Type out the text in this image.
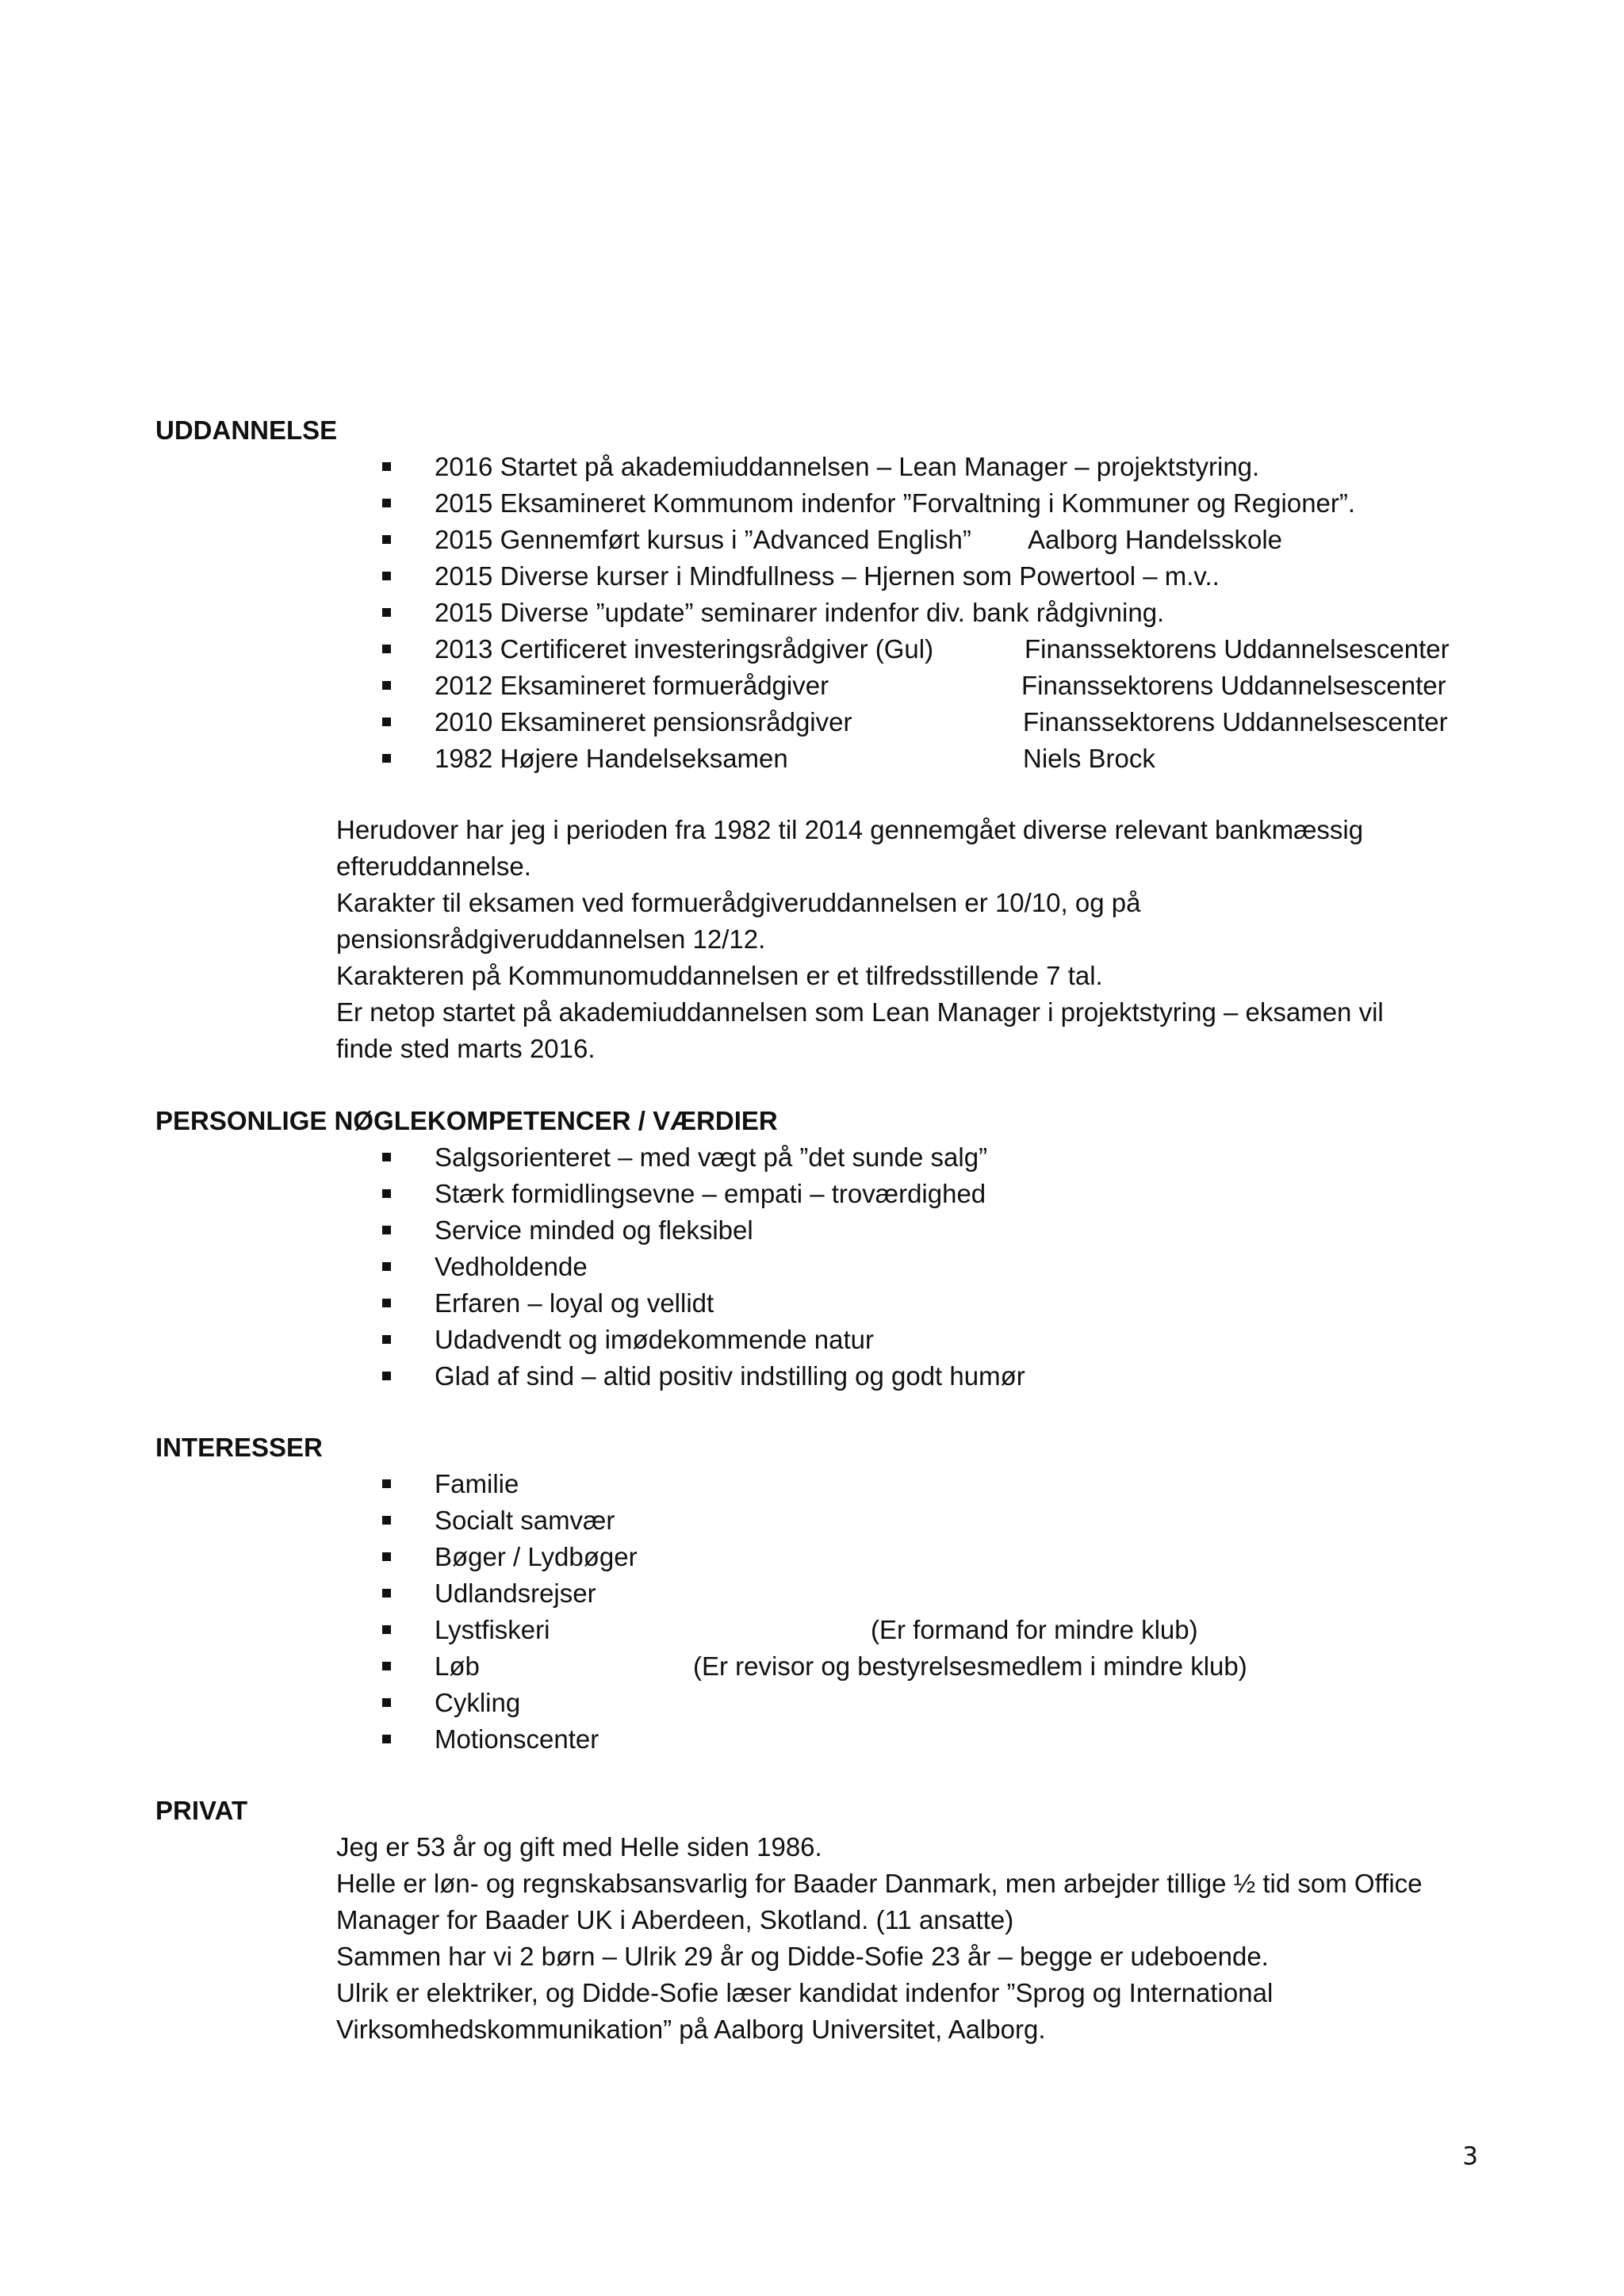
UDDANNELSE
2016 Startet på akademiuddannelsen – Lean Manager – projektstyring.
2015 Eksamineret Kommunom indenfor ”Forvaltning i Kommuner og Regioner”.
2015 Gennemført kursus i ”Advanced English” Aalborg Handelsskole
2015 Diverse kurser i Mindfullness – Hjernen som Powertool – m.v..
2015 Diverse ”update” seminarer indenfor div. bank rådgivning.
2013 Certificeret investeringsrådgiver (Gul)	Finanssektorens Uddannelsescenter
2012 Eksamineret formuerådgiver	Finanssektorens Uddannelsescenter
2010 Eksamineret pensionsrådgiver	Finanssektorens Uddannelsescenter
1982 Højere Handelseksamen	Niels Brock

Herudover har jeg i perioden fra 1982 til 2014 gennemgået diverse relevant bankmæssig

efteruddannelse.

Karakter til eksamen ved formuerådgiveruddannelsen er 10/10, og på

pensionsrådgiveruddannelsen 12/12.

Karakteren på Kommunomuddannelsen er et tilfredsstillende 7 tal.

Er netop startet på akademiuddannelsen som Lean Manager i projektstyring – eksamen vil

finde sted marts 2016.

PERSONLIGE NØGLEKOMPETENCER / VÆRDIER
Salgsorienteret – med vægt på ”det sunde salg”
Stærk formidlingsevne – empati – troværdighed
Service minded og fleksibel
Vedholdende
Erfaren – loyal og vellidt
Udadvendt og imødekommende natur
Glad af sind – altid positiv indstilling og godt humør
INTERESSER
Familie
Socialt samvær
Bøger / Lydbøger
Udlandsrejser
Lystfiskeri	(Er formand for mindre klub)
Løb	(Er revisor og bestyrelsesmedlem i mindre klub)
Cykling
Motionscenter
PRIVAT

Jeg er 53 år og gift med Helle siden 1986.

Helle er løn- og regnskabsansvarlig for Baader Danmark, men arbejder tillige ½ tid som Office

Manager for Baader UK i Aberdeen, Skotland. (11 ansatte)

Sammen har vi 2 børn – Ulrik 29 år og Didde-Sofie 23 år – begge er udeboende.

Ulrik er elektriker, og Didde-Sofie læser kandidat indenfor ”Sprog og International

Virksomhedskommunikation” på Aalborg Universitet, Aalborg.

3
